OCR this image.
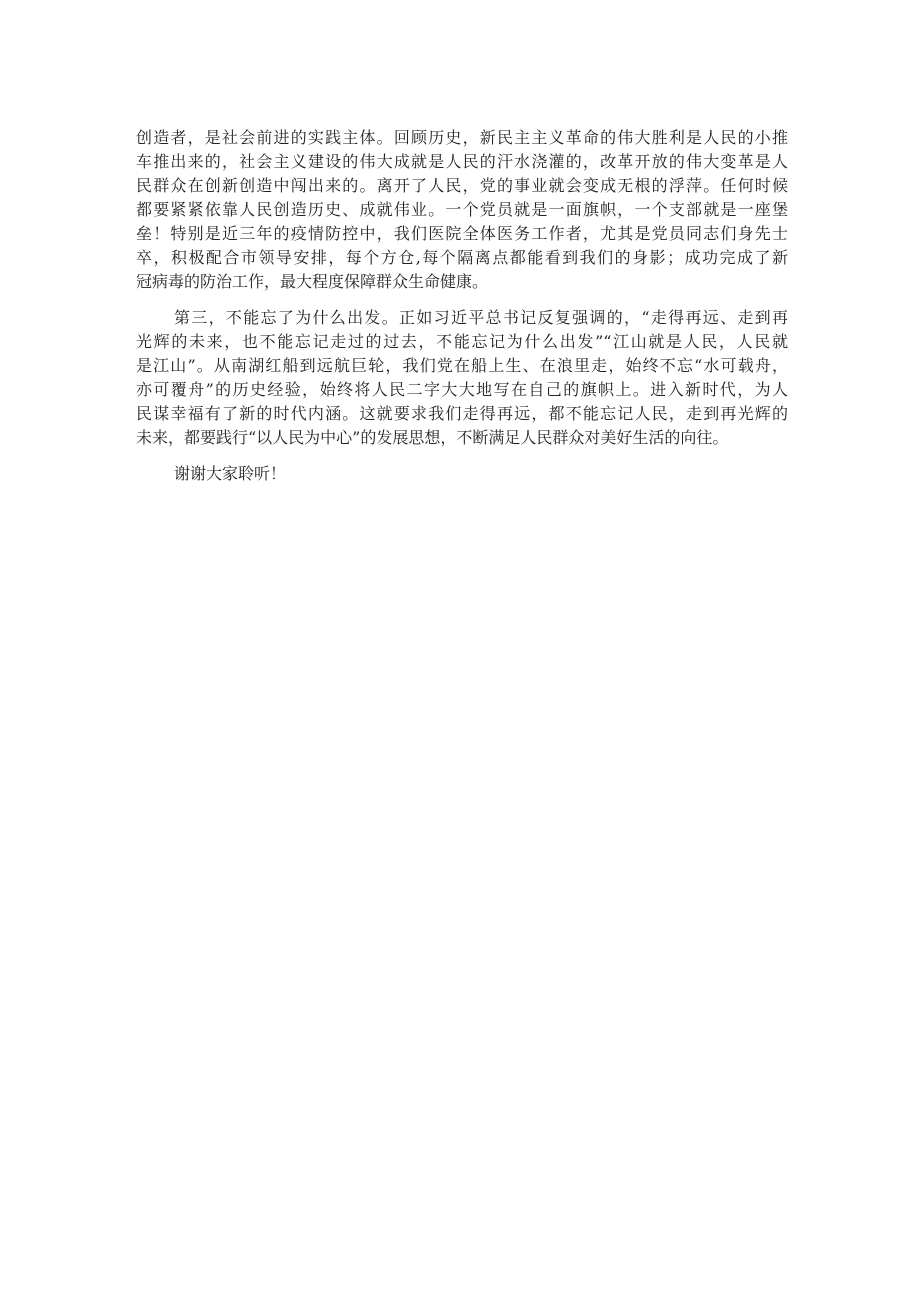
创造者，是社会前进的实践主体。回顾历史，新民主主义革命的伟大胜利是人民的小推
车推出来的，社会主义建设的伟大成就是人民的汗水浇灌的，改革开放的伟大变革是人
民群众在创新创造中闯出来的。离开了人民，党的事业就会变成无根的浮萍。任何时候
都要紧紧依靠人民创造历史、成就伟业。一个党员就是一面旗帜，一个支部就是一座堡
垒！特别是近三年的疫情防控中，我们医院全体医务工作者，尤其是党员同志们身先士
卒，积极配合市领导安排，每个方仓,每个隔离点都能看到我们的身影；成功完成了新
冠病毒的防治工作，最大程度保障群众生命健康。
第三，不能忘了为什么出发。正如习近平总书记反复强调的，“走得再远、走到再
光辉的未来，也不能忘记走过的过去，不能忘记为什么出发”“江山就是人民，人民就
是江山”。从南湖红船到远航巨轮，我们党在船上生、在浪里走，始终不忘“水可载舟，
亦可覆舟”的历史经验，始终将人民二字大大地写在自己的旗帜上。进入新时代，为人
民谋幸福有了新的时代内涵。这就要求我们走得再远，都不能忘记人民，走到再光辉的
未来，都要践行“以人民为中心”的发展思想，不断满足人民群众对美好生活的向往。
谢谢大家聆听！
